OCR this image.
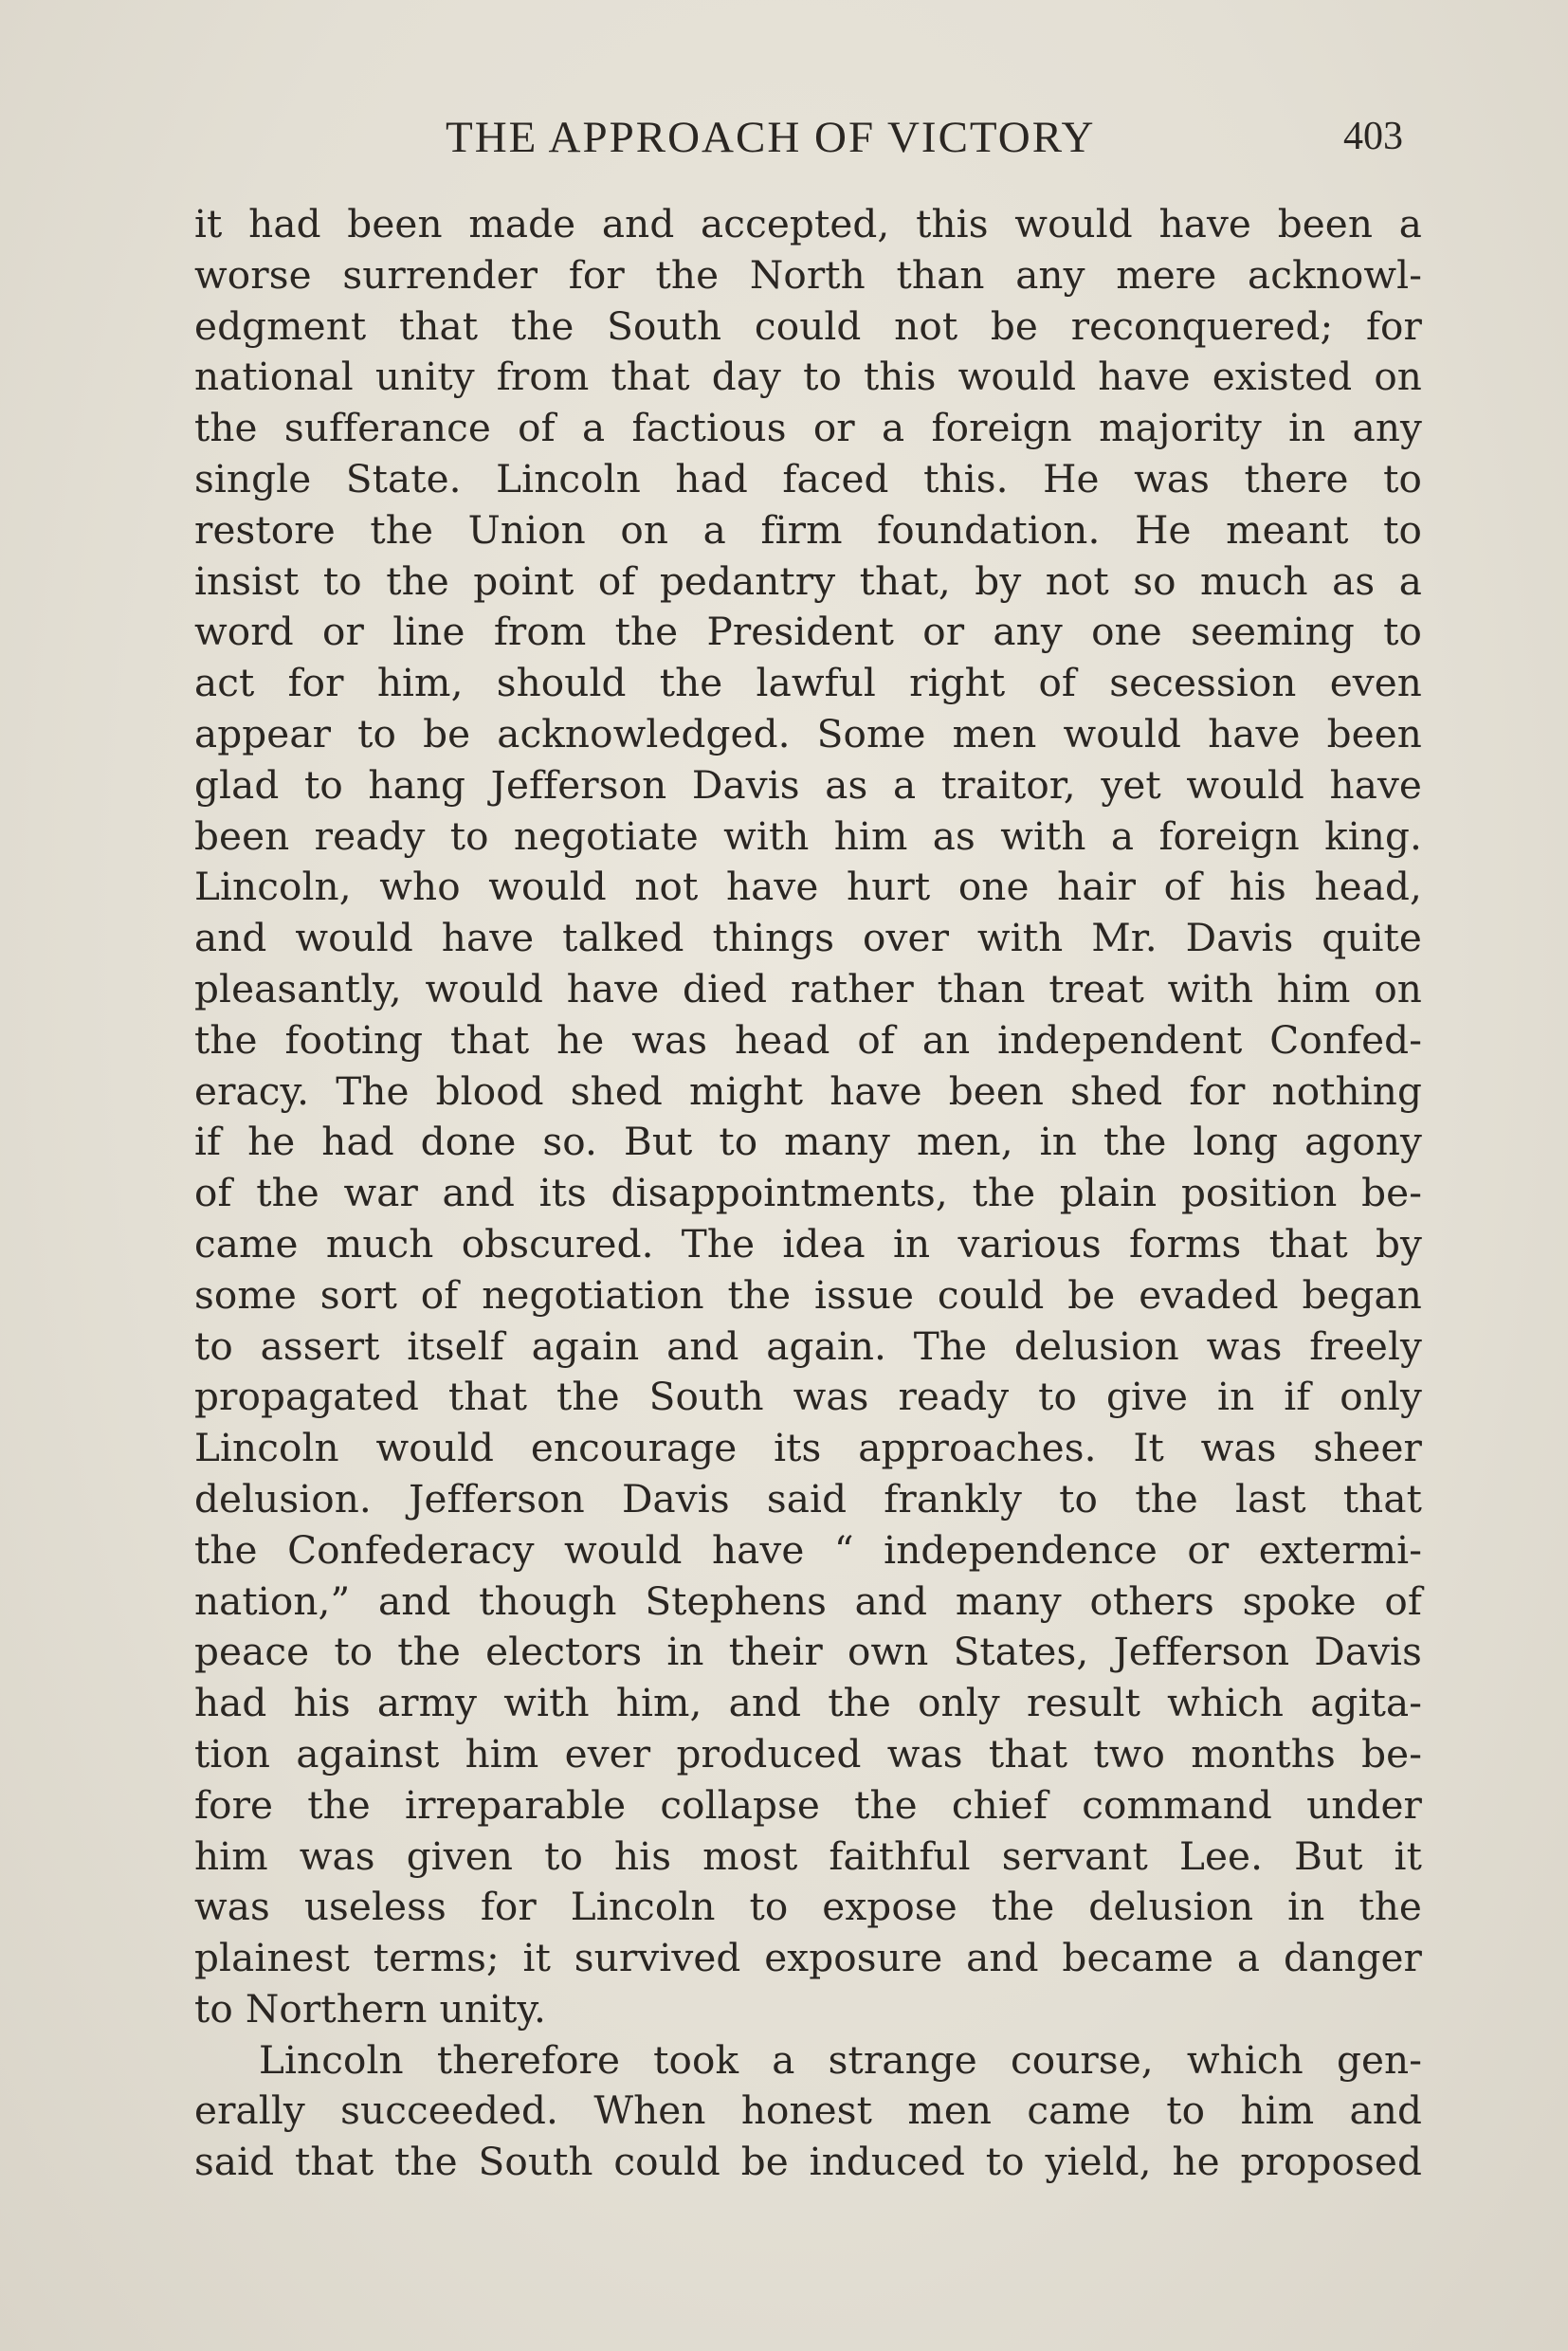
THE APPROACH OF VICTORY	403
it had been made and accepted, this would have been a
worse surrender for the North than any mere acknowl-
edgment that the South could not be reconquered; for
national unity from that day to this would have existed on
the sufferance of a factious or a foreign majority in any
single State. Lincoln had faced this. He was there to
restore the Union on a firm foundation. He meant to
insist to the point of pedantry that, by not so much as a
word or line from the President or any one seeming to
act for him, should the lawful right of secession even
appear to be acknowledged. Some men would have been
glad to hang Jefferson Davis as a traitor, yet would have
been ready to negotiate with him as with a foreign king.
Lincoln, who would not have hurt one hair of his head,
and would have talked things over with Mr. Davis quite
pleasantly, would have died rather than treat with him on
the footing that he was head of an independent Confed-
eracy. The blood shed might have been shed for nothing
if he had done so. But to many men, in the long agony
of the war and its disappointments, the plain position be-
came much obscured. The idea in various forms that by
some sort of negotiation the issue could be evaded began
to assert itself again and again. The delusion was freely
propagated that the South was ready to give in if only
Lincoln would encourage its approaches. It was sheer
delusion. Jefferson Davis said frankly to the last that
the Confederacy would have “ independence or extermi-
nation,” and though Stephens and many others spoke of
peace to the electors in their own States, Jefferson Davis
had his army with him, and the only result which agita-
tion against him ever produced was that two months be-
fore the irreparable collapse the chief command under
him was given to his most faithful servant Lee. But it
was useless for Lincoln to expose the delusion in the
plainest terms; it survived exposure and became a danger
to Northern unity.
Lincoln therefore took a strange course, which gen-
erally succeeded. When honest men came to him and
said that the South could be induced to yield, he proposed
